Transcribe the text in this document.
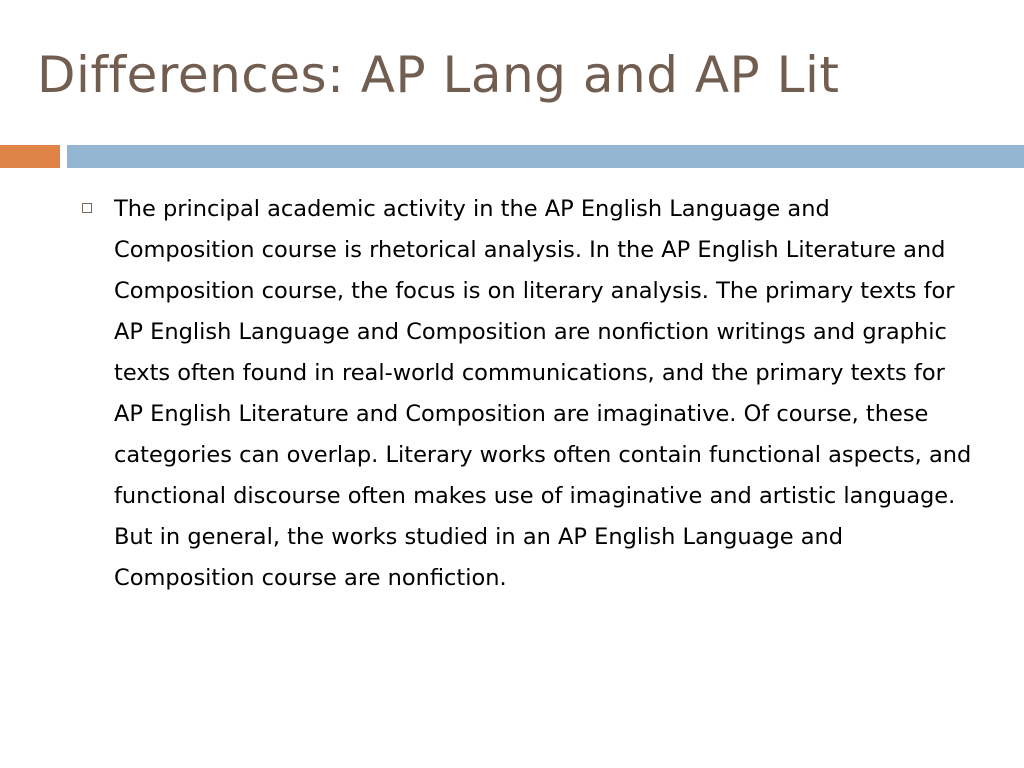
Differences: AP Lang and AP Lit

The principal academic activity in the AP English Language and Composition course is rhetorical analysis. In the AP English Literature and Composition course, the focus is on literary analysis. The primary texts for AP English Language and Composition are nonfiction writings and graphic texts often found in real-world communications, and the primary texts for AP English Literature and Composition are imaginative. Of course, these categories can overlap. Literary works often contain functional aspects, and functional discourse often makes use of imaginative and artistic language. But in general, the works studied in an AP English Language and Composition course are nonfiction.
